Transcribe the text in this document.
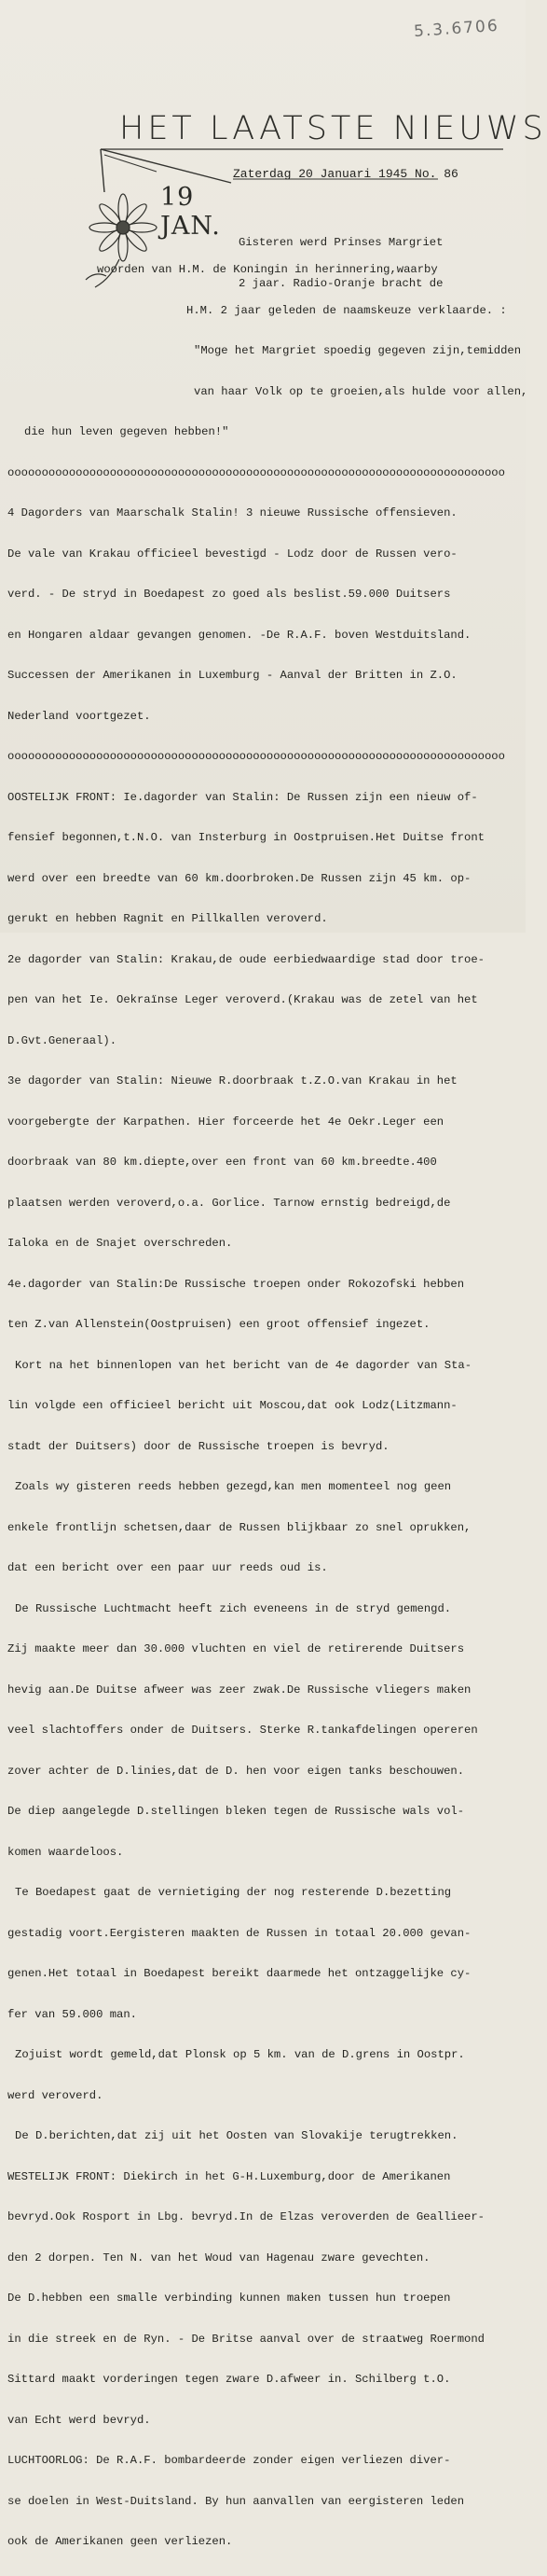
5.3.6706
HET LAATSTE NIEUWS
Zaterdag 20 Januari 1945 No. 86
19 JAN.

Gisteren werd Prinses Margriet

2 jaar. Radio-Oranje bracht de

woorden van H.M. de Koningin in herinnering,waarby

H.M. 2 jaar geleden de naamskeuze verklaarde. :

"Moge het Margriet spoedig gegeven zijn,temidden

van haar Volk op te groeien,als hulde voor allen,

die hun leven gegeven hebben!"

ooooooooooooooooooooooooooooooooooooooooooooooooooooooooooooooooooooooooo

4 Dagorders van Maarschalk Stalin! 3 nieuwe Russische offensieven.

De vale van Krakau officieel bevestigd - Lodz door de Russen vero-

verd. - De stryd in Boedapest zo goed als beslist.59.000 Duitsers

en Hongaren aldaar gevangen genomen. -De R.A.F. boven Westduitsland.

Successen der Amerikanen in Luxemburg - Aanval der Britten in Z.O.

Nederland voortgezet.

ooooooooooooooooooooooooooooooooooooooooooooooooooooooooooooooooooooooooo

OOSTELIJK FRONT: Ie.dagorder van Stalin: De Russen zijn een nieuw of-

fensief begonnen,t.N.O. van Insterburg in Oostpruisen.Het Duitse front

werd over een breedte van 60 km.doorbroken.De Russen zijn 45 km. op-

gerukt en hebben Ragnit en Pillkallen veroverd.

2e dagorder van Stalin: Krakau,de oude eerbiedwaardige stad door troe-

pen van het Ie. Oekraïnse Leger veroverd.(Krakau was de zetel van het

D.Gvt.Generaal).

3e dagorder van Stalin: Nieuwe R.doorbraak t.Z.O.van Krakau in het

voorgebergte der Karpathen. Hier forceerde het 4e Oekr.Leger een

doorbraak van 80 km.diepte,over een front van 60 km.breedte.400

plaatsen werden veroverd,o.a. Gorlice. Tarnow ernstig bedreigd,de

Ialoka en de Snajet overschreden.

4e.dagorder van Stalin:De Russische troepen onder Rokozofski hebben

ten Z.van Allenstein(Oostpruisen) een groot offensief ingezet.

Kort na het binnenlopen van het bericht van de 4e dagorder van Sta-

lin volgde een officieel bericht uit Moscou,dat ook Lodz(Litzmann-

stadt der Duitsers) door de Russische troepen is bevryd.

Zoals wy gisteren reeds hebben gezegd,kan men momenteel nog geen

enkele frontlijn schetsen,daar de Russen blijkbaar zo snel oprukken,

dat een bericht over een paar uur reeds oud is.

De Russische Luchtmacht heeft zich eveneens in de stryd gemengd.

Zij maakte meer dan 30.000 vluchten en viel de retirerende Duitsers

hevig aan.De Duitse afweer was zeer zwak.De Russische vliegers maken

veel slachtoffers onder de Duitsers. Sterke R.tankafdelingen opereren

zover achter de D.linies,dat de D. hen voor eigen tanks beschouwen.

De diep aangelegde D.stellingen bleken tegen de Russische wals vol-

komen waardeloos.

Te Boedapest gaat de vernietiging der nog resterende D.bezetting

gestadig voort.Eergisteren maakten de Russen in totaal 20.000 gevan-

genen.Het totaal in Boedapest bereikt daarmede het ontzaggelijke cy-

fer van 59.000 man.

Zojuist wordt gemeld,dat Plonsk op 5 km. van de D.grens in Oostpr.

werd veroverd.

De D.berichten,dat zij uit het Oosten van Slovakije terugtrekken.

WESTELIJK FRONT: Diekirch in het G-H.Luxemburg,door de Amerikanen

bevryd.Ook Rosport in Lbg. bevryd.In de Elzas veroverden de Geallieer-

den 2 dorpen. Ten N. van het Woud van Hagenau zware gevechten.

De D.hebben een smalle verbinding kunnen maken tussen hun troepen

in die streek en de Ryn. - De Britse aanval over de straatweg Roermond

Sittard maakt vorderingen tegen zware D.afweer in. Schilberg t.O.

van Echt werd bevryd.

LUCHTOORLOG: De R.A.F. bombardeerde zonder eigen verliezen diver-

se doelen in West-Duitsland. By hun aanvallen van eergisteren leden

ook de Amerikanen geen verliezen.
